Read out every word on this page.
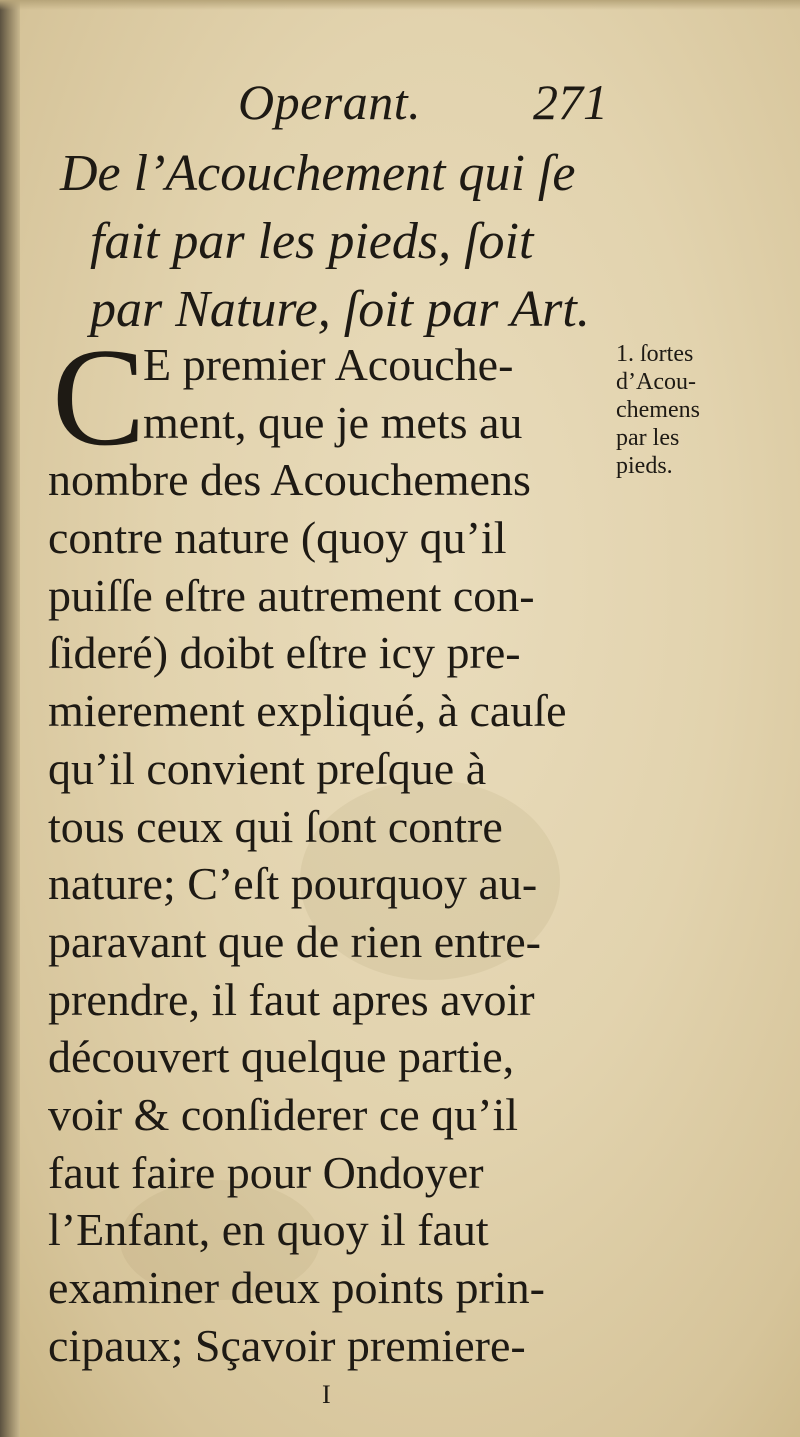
Operant. 271
De l’Acouchement qui ſe
fait par les pieds, ſoit
par Nature, ſoit par Art.
C
E premier Acouche-
ment, que je mets au
nombre des Acouchemens
contre nature (quoy qu’il
puiſſe eſtre autrement con-
ſideré) doibt eſtre icy pre-
mierement expliqué, à cauſe
qu’il convient preſque à
tous ceux qui ſont contre
nature; C’eſt pourquoy au-
paravant que de rien entre-
prendre, il faut apres avoir
découvert quelque partie,
voir & conſiderer ce qu’il
faut faire pour Ondoyer
l’Enfant, en quoy il faut
examiner deux points prin-
cipaux; Sçavoir premiere-
1. ſortes
d’Acou-
chemens
par les
pieds.
I
